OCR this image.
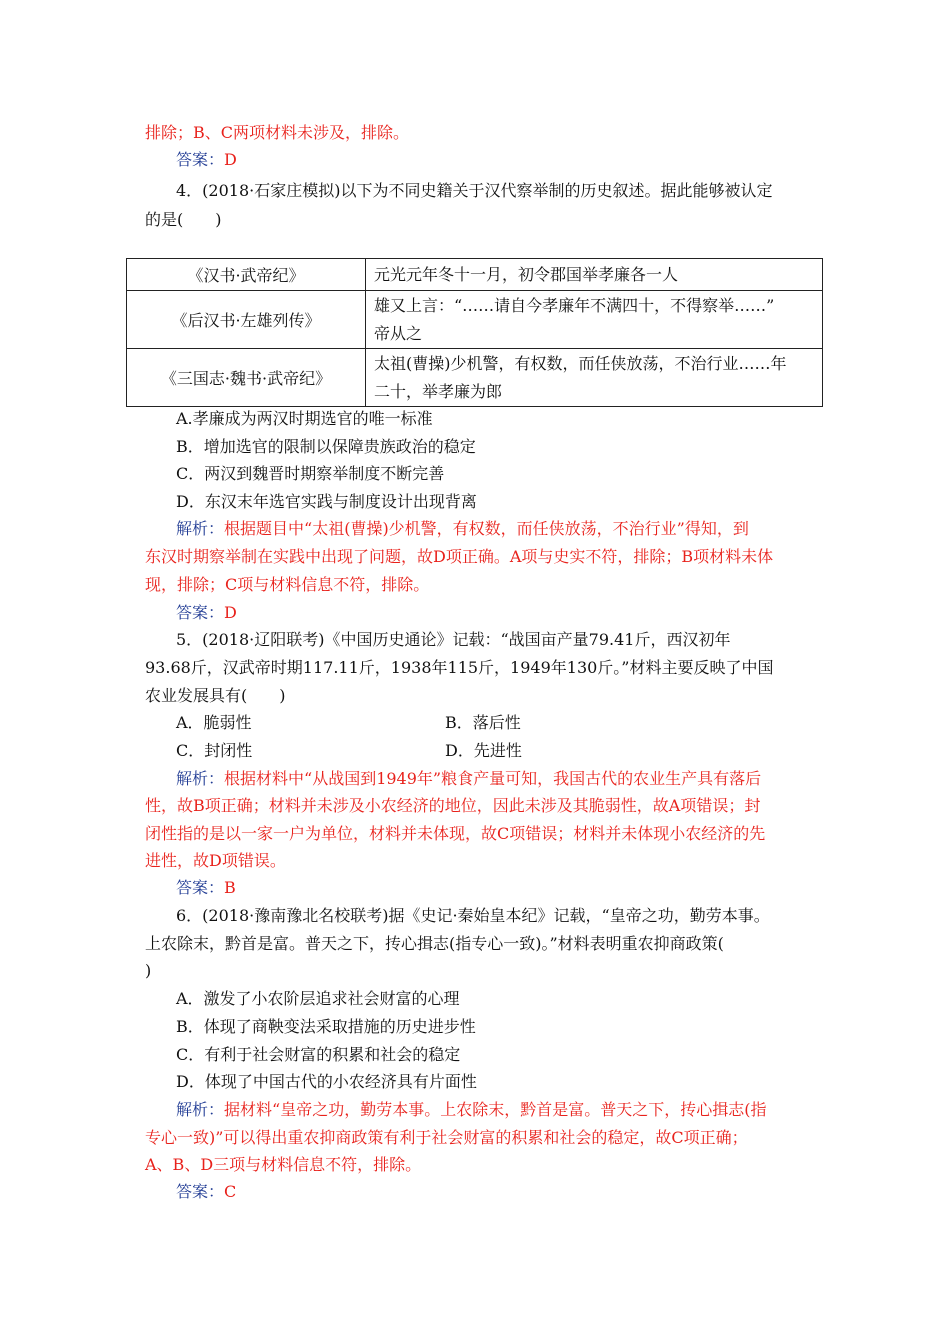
排除；B、C两项材料未涉及，排除。
答案：D
4．(2018·石家庄模拟)以下为不同史籍关于汉代察举制的历史叙述。据此能够被认定
的是(　　)
《汉书·武帝纪》	元光元年冬十一月，初令郡国举孝廉各一人
《后汉书·左雄列传》	雄又上言：“……请自今孝廉年不满四十，不得察举……”
帝从之
《三国志·魏书·武帝纪》	太祖(曹操)少机警，有权数，而任侠放荡，不治行业……年
二十，举孝廉为郎
A.孝廉成为两汉时期选官的唯一标准
B．增加选官的限制以保障贵族政治的稳定
C．两汉到魏晋时期察举制度不断完善
D．东汉末年选官实践与制度设计出现背离
解析：根据题目中“太祖(曹操)少机警，有权数，而任侠放荡，不治行业”得知，到
东汉时期察举制在实践中出现了问题，故D项正确。A项与史实不符，排除；B项材料未体
现，排除；C项与材料信息不符，排除。
答案：D
5．(2018·辽阳联考)《中国历史通论》记载：“战国亩产量79.41斤，西汉初年
93.68斤，汉武帝时期117.11斤，1938年115斤，1949年130斤。”材料主要反映了中国
农业发展具有(　　)
A．脆弱性	B．落后性
C．封闭性	D．先进性
解析：根据材料中“从战国到1949年”粮食产量可知，我国古代的农业生产具有落后
性，故B项正确；材料并未涉及小农经济的地位，因此未涉及其脆弱性，故A项错误；封
闭性指的是以一家一户为单位，材料并未体现，故C项错误；材料并未体现小农经济的先
进性，故D项错误。
答案：B
6．(2018·豫南豫北名校联考)据《史记·秦始皇本纪》记载，“皇帝之功，勤劳本事。
上农除末，黔首是富。普天之下，抟心揖志(指专心一致)。”材料表明重农抑商政策(
)
A．激发了小农阶层追求社会财富的心理
B．体现了商鞅变法采取措施的历史进步性
C．有利于社会财富的积累和社会的稳定
D．体现了中国古代的小农经济具有片面性
解析：据材料“皇帝之功，勤劳本事。上农除末，黔首是富。普天之下，抟心揖志(指
专心一致)”可以得出重农抑商政策有利于社会财富的积累和社会的稳定，故C项正确；
A、B、D三项与材料信息不符，排除。
答案：C
